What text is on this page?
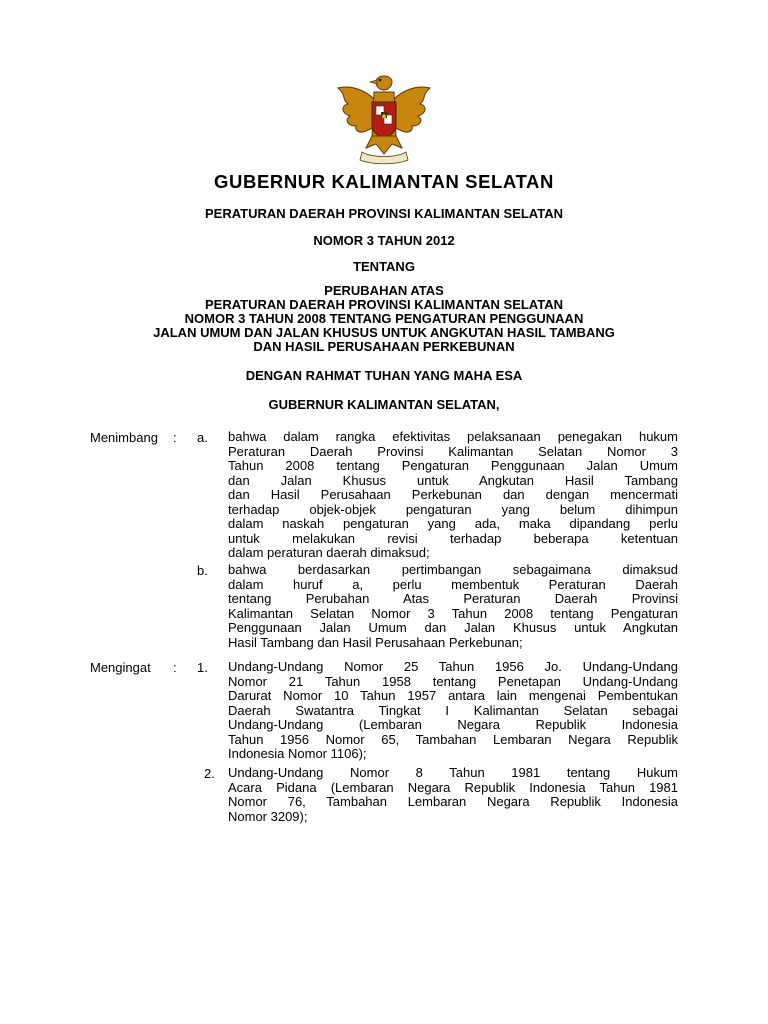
GUBERNUR KALIMANTAN SELATAN
PERATURAN DAERAH PROVINSI KALIMANTAN SELATAN
NOMOR 3 TAHUN 2012
TENTANG
PERUBAHAN ATAS
PERATURAN DAERAH PROVINSI KALIMANTAN SELATAN
NOMOR 3 TAHUN 2008 TENTANG PENGATURAN PENGGUNAAN
JALAN UMUM DAN JALAN KHUSUS UNTUK ANGKUTAN HASIL TAMBANG
DAN HASIL PERUSAHAAN PERKEBUNAN
DENGAN RAHMAT TUHAN YANG MAHA ESA
GUBERNUR KALIMANTAN SELATAN,
Menimbang : a. bahwa dalam rangka efektivitas pelaksanaan penegakan hukum
Peraturan Daerah Provinsi Kalimantan Selatan Nomor 3
Tahun 2008 tentang Pengaturan Penggunaan Jalan Umum
dan Jalan Khusus untuk Angkutan Hasil Tambang
dan Hasil Perusahaan Perkebunan dan dengan mencermati
terhadap objek-objek pengaturan yang belum dihimpun
dalam naskah pengaturan yang ada, maka dipandang perlu
untuk melakukan revisi terhadap beberapa ketentuan
dalam peraturan daerah dimaksud;
b. bahwa berdasarkan pertimbangan sebagaimana dimaksud
dalam huruf a, perlu membentuk Peraturan Daerah
tentang Perubahan Atas Peraturan Daerah Provinsi
Kalimantan Selatan Nomor 3 Tahun 2008 tentang Pengaturan
Penggunaan Jalan Umum dan Jalan Khusus untuk Angkutan
Hasil Tambang dan Hasil Perusahaan Perkebunan;
Mengingat : 1. Undang-Undang Nomor 25 Tahun 1956 Jo. Undang-Undang
Nomor 21 Tahun 1958 tentang Penetapan Undang-Undang
Darurat Nomor 10 Tahun 1957 antara lain mengenai Pembentukan
Daerah Swatantra Tingkat I Kalimantan Selatan sebagai
Undang-Undang (Lembaran Negara Republik Indonesia
Tahun 1956 Nomor 65, Tambahan Lembaran Negara Republik
Indonesia Nomor 1106);
2. Undang-Undang Nomor 8 Tahun 1981 tentang Hukum
Acara Pidana (Lembaran Negara Republik Indonesia Tahun 1981
Nomor 76, Tambahan Lembaran Negara Republik Indonesia
Nomor 3209);
